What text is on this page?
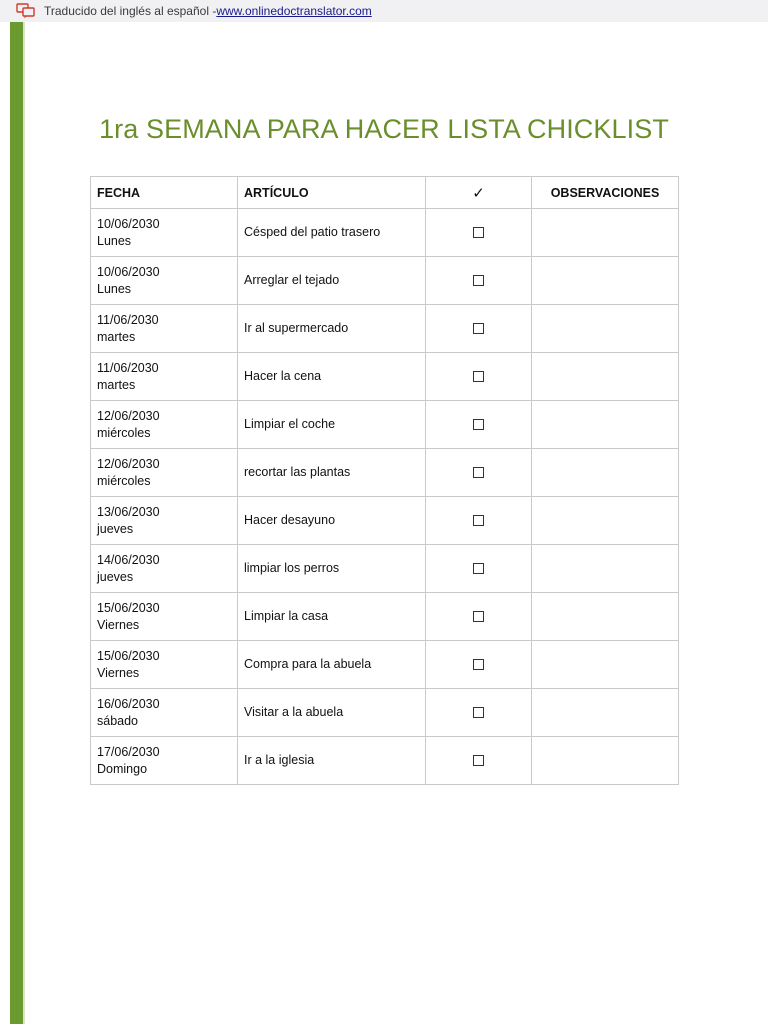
Traducido del inglés al español - www.onlinedoctranslator.com
1ra SEMANA PARA HACER LISTA CHICKLIST
FECHA	ARTÍCULO	✓	OBSERVACIONES

10/06/2030
Lunes	Césped del patio trasero		

10/06/2030
Lunes	Arreglar el tejado		

11/06/2030
martes	Ir al supermercado		

11/06/2030
martes	Hacer la cena		

12/06/2030
miércoles	Limpiar el coche		

12/06/2030
miércoles	recortar las plantas		

13/06/2030
jueves	Hacer desayuno		

14/06/2030
jueves	limpiar los perros		

15/06/2030
Viernes	Limpiar la casa		

15/06/2030
Viernes	Compra para la abuela		

16/06/2030
sábado	Visitar a la abuela		

17/06/2030
Domingo	Ir a la iglesia		
